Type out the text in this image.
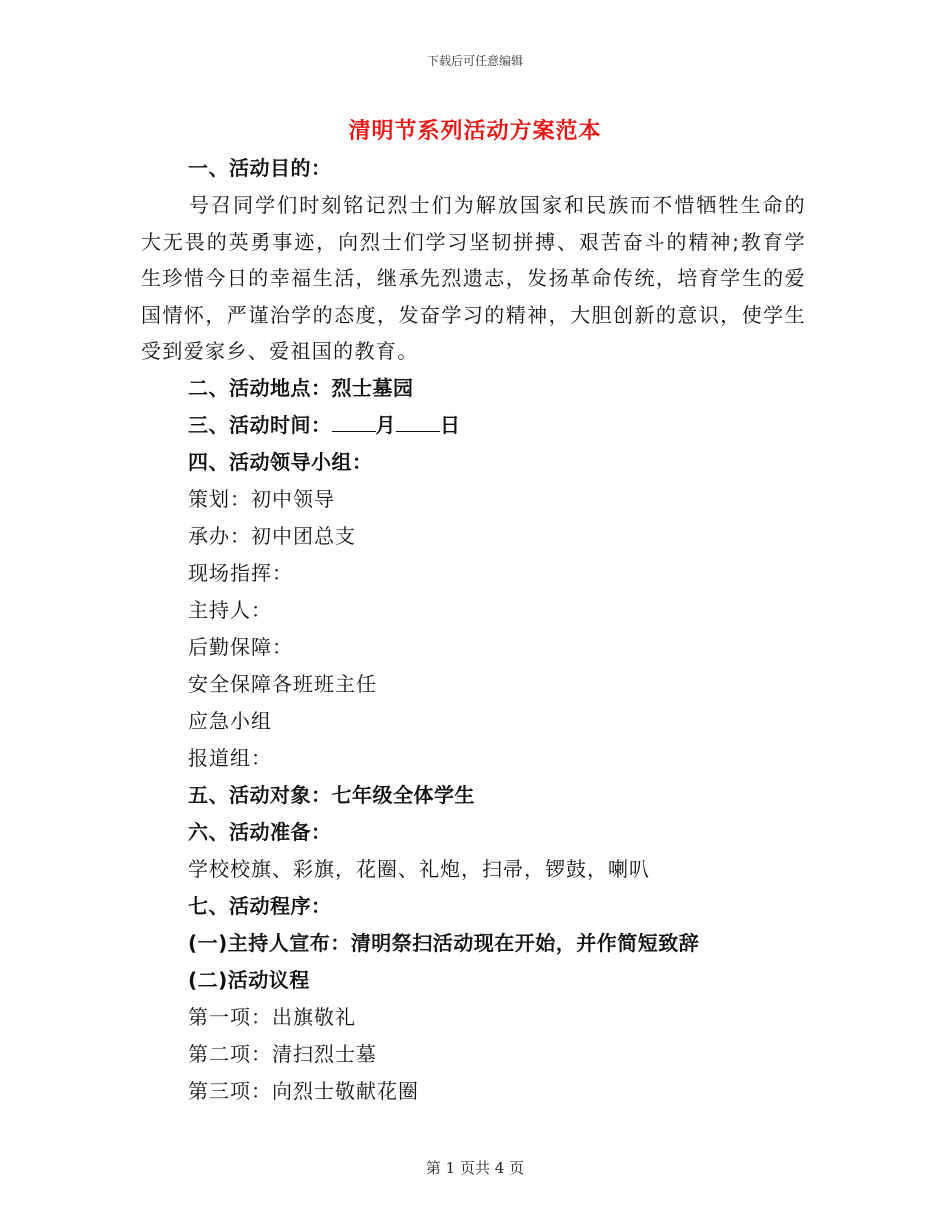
下载后可任意编辑
清明节系列活动方案范本
一、活动目的：
号召同学们时刻铭记烈士们为解放国家和民族而不惜牺牲生命的大无畏的英勇事迹，向烈士们学习坚韧拼搏、艰苦奋斗的精神;教育学生珍惜今日的幸福生活，继承先烈遗志，发扬革命传统，培育学生的爱国情怀，严谨治学的态度，发奋学习的精神，大胆创新的意识，使学生受到爱家乡、爱祖国的教育。
二、活动地点：烈士墓园
三、活动时间： 月 日
四、活动领导小组：
策划：初中领导
承办：初中团总支
现场指挥：
主持人：
后勤保障：
安全保障各班班主任
应急小组
报道组：
五、活动对象：七年级全体学生
六、活动准备：
学校校旗、彩旗，花圈、礼炮，扫帚，锣鼓，喇叭
七、活动程序：
(一)主持人宣布：清明祭扫活动现在开始，并作简短致辞
(二)活动议程
第一项：出旗敬礼
第二项：清扫烈士墓
第三项：向烈士敬献花圈
第 1 页共 4 页
